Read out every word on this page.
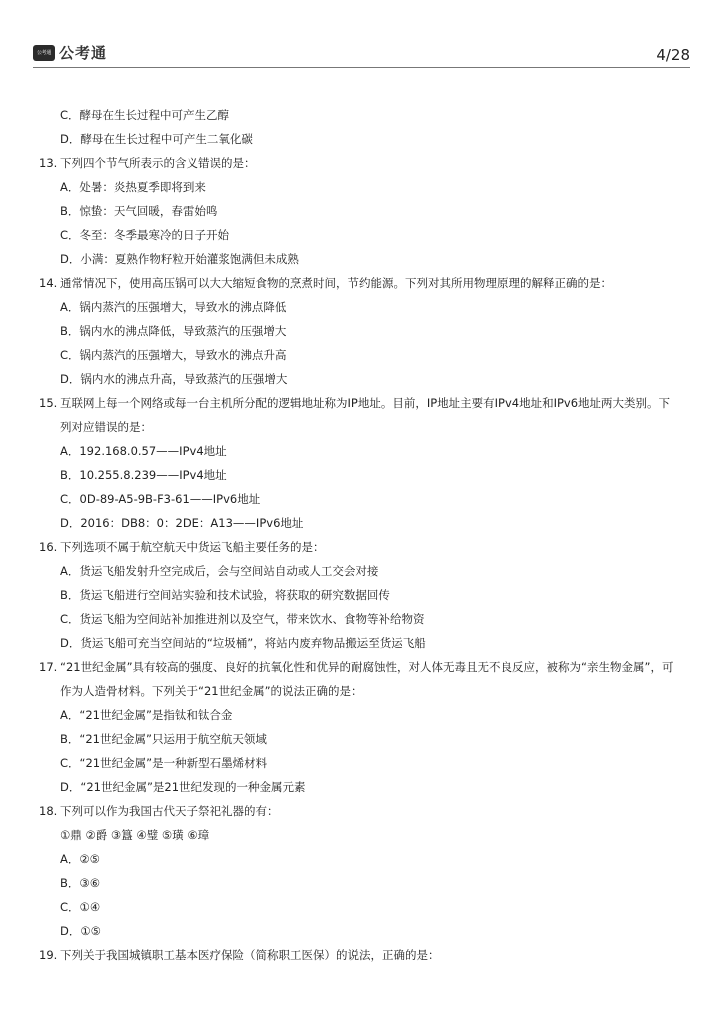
公考通 公考通	4/28
C．酵母在生长过程中可产生乙醇
D．酵母在生长过程中可产生二氧化碳
13. 下列四个节气所表示的含义错误的是：
A．处暑：炎热夏季即将到来
B．惊蛰：天气回暖，春雷始鸣
C．冬至：冬季最寒冷的日子开始
D．小满：夏熟作物籽粒开始灌浆饱满但未成熟
14. 通常情况下，使用高压锅可以大大缩短食物的烹煮时间，节约能源。下列对其所用物理原理的解释正确的是：
A．锅内蒸汽的压强增大，导致水的沸点降低
B．锅内水的沸点降低，导致蒸汽的压强增大
C．锅内蒸汽的压强增大，导致水的沸点升高
D．锅内水的沸点升高，导致蒸汽的压强增大
15. 互联网上每一个网络或每一台主机所分配的逻辑地址称为IP地址。目前，IP地址主要有IPv4地址和IPv6地址两大类别。下
列对应错误的是：
A．192.168.0.57——IPv4地址
B．10.255.8.239——IPv4地址
C．0D-89-A5-9B-F3-61——IPv6地址
D．2016：DB8：0：2DE：A13——IPv6地址
16. 下列选项不属于航空航天中货运飞船主要任务的是：
A．货运飞船发射升空完成后，会与空间站自动或人工交会对接
B．货运飞船进行空间站实验和技术试验，将获取的研究数据回传
C．货运飞船为空间站补加推进剂以及空气，带来饮水、食物等补给物资
D．货运飞船可充当空间站的“垃圾桶”，将站内废弃物品搬运至货运飞船
17. “21世纪金属”具有较高的强度、良好的抗氧化性和优异的耐腐蚀性，对人体无毒且无不良反应，被称为“亲生物金属”，可
作为人造骨材料。下列关于“21世纪金属”的说法正确的是：
A．“21世纪金属”是指钛和钛合金
B．“21世纪金属”只运用于航空航天领域
C．“21世纪金属”是一种新型石墨烯材料
D．“21世纪金属”是21世纪发现的一种金属元素
18. 下列可以作为我国古代天子祭祀礼器的有：
①鼎 ②爵 ③簋 ④璧 ⑤璜 ⑥璋
A．②⑤
B．③⑥
C．①④
D．①⑤
19. 下列关于我国城镇职工基本医疗保险（简称职工医保）的说法，正确的是：
